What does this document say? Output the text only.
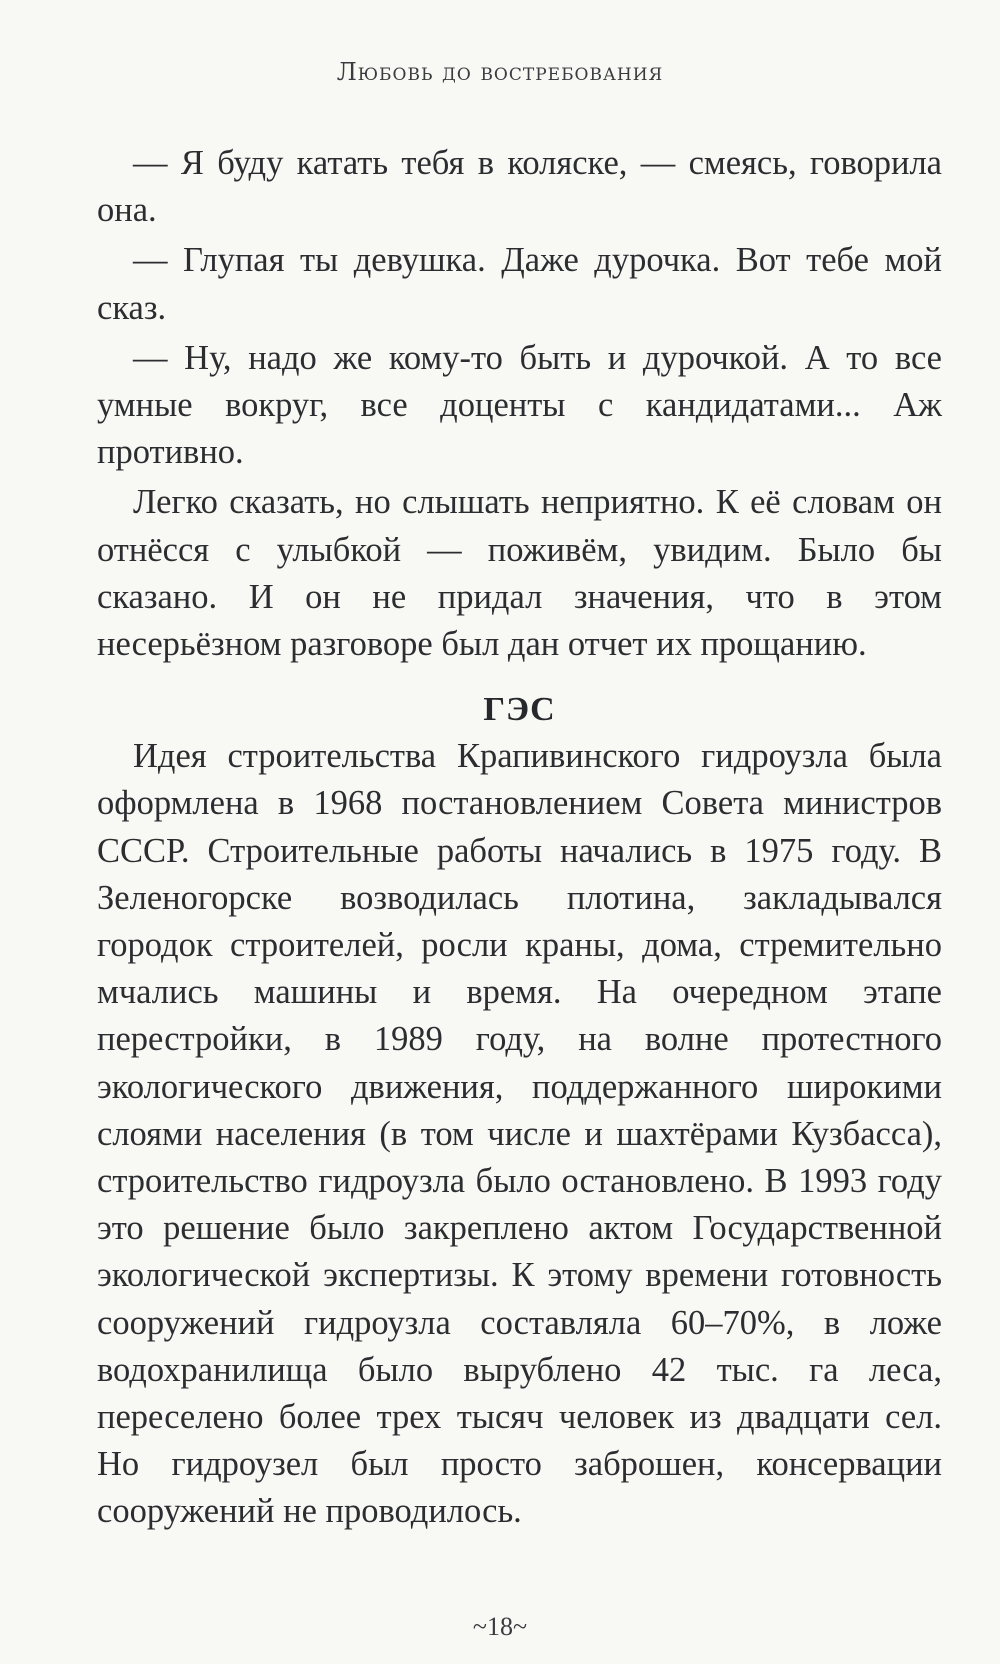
Любовь до востребования

— Я буду катать тебя в коляске, — смеясь, говорила она.

— Глупая ты девушка. Даже дурочка. Вот тебе мой сказ.

— Ну, надо же кому-то быть и дурочкой. А то все умные вокруг, все доценты с кандидатами... Аж противно.

Легко сказать, но слышать неприятно. К её словам он отнёсся с улыбкой — поживём, увидим. Было бы сказано. И он не придал значения, что в этом несерьёзном разговоре был дан отчет их прощанию.

ГЭС

Идея строительства Крапивинского гидроузла была оформлена в 1968 постановлением Совета министров СССР. Строительные работы начались в 1975 году. В Зеленогорске возводилась плотина, закладывался городок строителей, росли краны, дома, стремительно мчались машины и время. На очередном этапе перестройки, в 1989 году, на волне протестного экологического движения, поддержанного широкими слоями населения (в том числе и шахтёрами Кузбасса), строительство гидроузла было остановлено. В 1993 году это решение было закреплено актом Государственной экологической экспертизы. К этому времени готовность сооружений гидроузла составляла 60–70%, в ложе водохранилища было вырублено 42 тыс. га леса, переселено более трех тысяч человек из двадцати сел. Но гидроузел был просто заброшен, консервации сооружений не проводилось.

~18~
